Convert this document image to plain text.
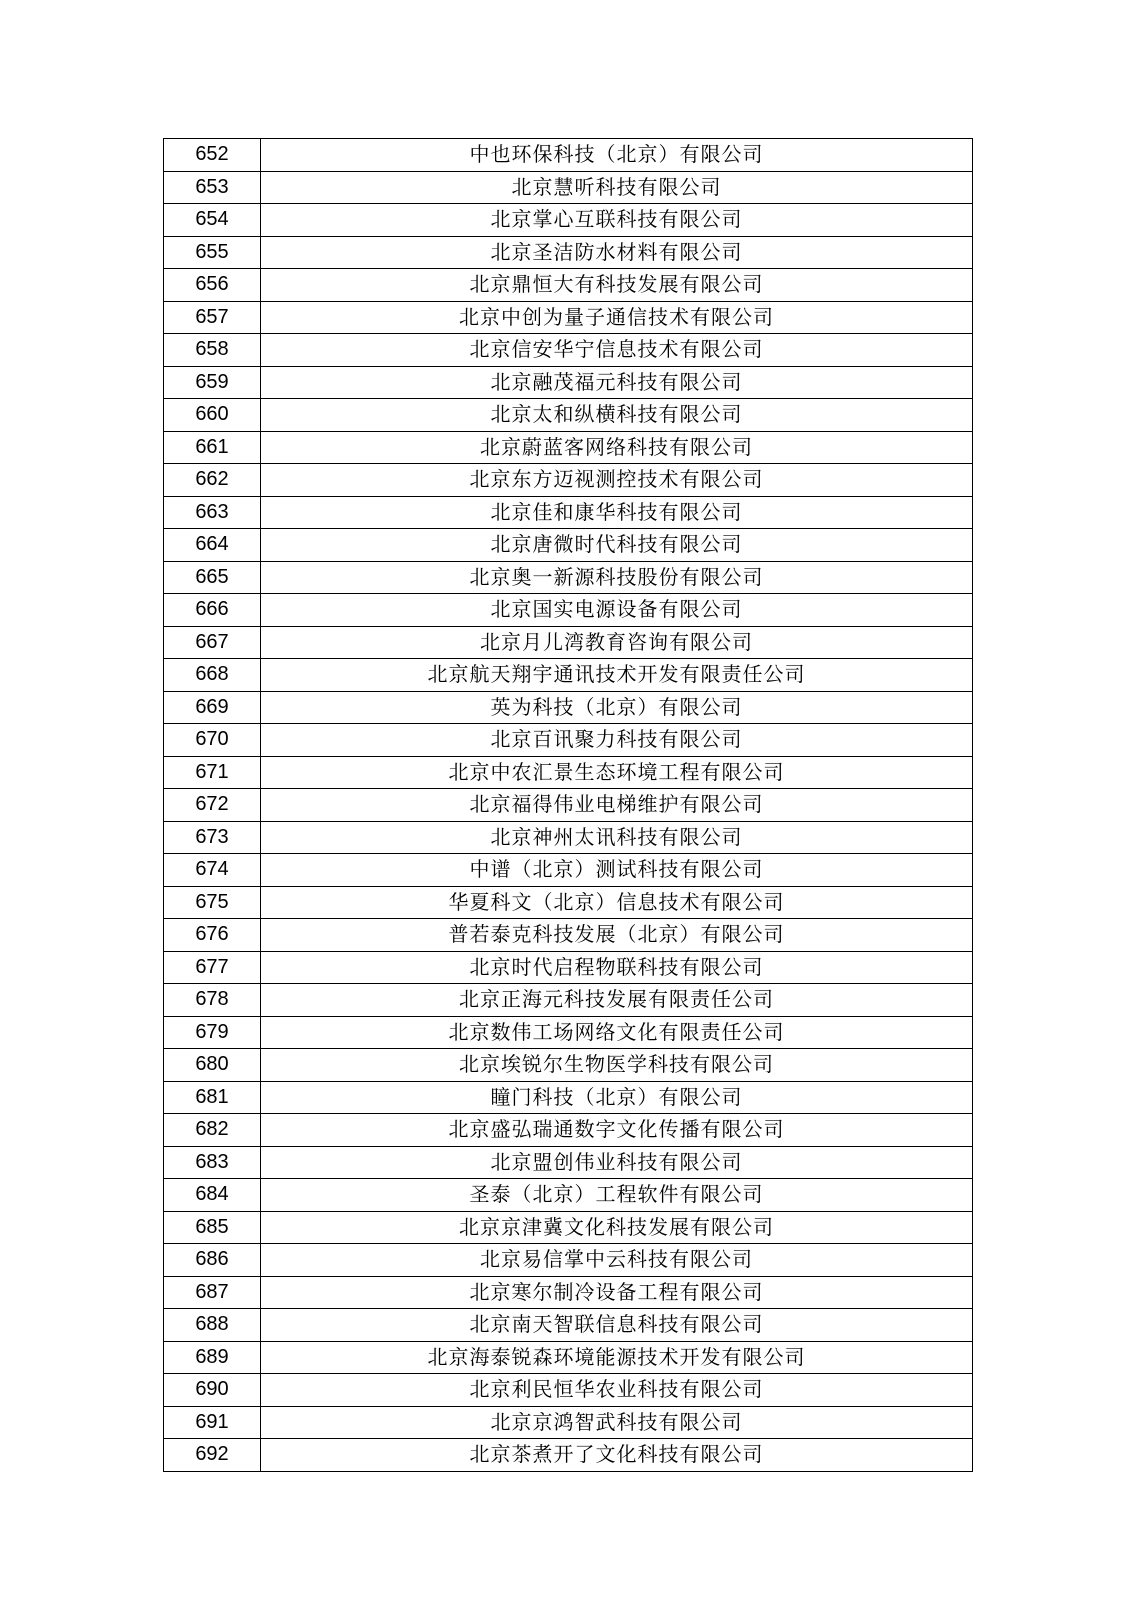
652	中也环保科技（北京）有限公司
653	北京慧听科技有限公司
654	北京掌心互联科技有限公司
655	北京圣洁防水材料有限公司
656	北京鼎恒大有科技发展有限公司
657	北京中创为量子通信技术有限公司
658	北京信安华宁信息技术有限公司
659	北京融茂福元科技有限公司
660	北京太和纵横科技有限公司
661	北京蔚蓝客网络科技有限公司
662	北京东方迈视测控技术有限公司
663	北京佳和康华科技有限公司
664	北京唐微时代科技有限公司
665	北京奥一新源科技股份有限公司
666	北京国实电源设备有限公司
667	北京月儿湾教育咨询有限公司
668	北京航天翔宇通讯技术开发有限责任公司
669	英为科技（北京）有限公司
670	北京百讯聚力科技有限公司
671	北京中农汇景生态环境工程有限公司
672	北京福得伟业电梯维护有限公司
673	北京神州太讯科技有限公司
674	中谱（北京）测试科技有限公司
675	华夏科文（北京）信息技术有限公司
676	普若泰克科技发展（北京）有限公司
677	北京时代启程物联科技有限公司
678	北京正海元科技发展有限责任公司
679	北京数伟工场网络文化有限责任公司
680	北京埃锐尔生物医学科技有限公司
681	瞳门科技（北京）有限公司
682	北京盛弘瑞通数字文化传播有限公司
683	北京盟创伟业科技有限公司
684	圣泰（北京）工程软件有限公司
685	北京京津冀文化科技发展有限公司
686	北京易信掌中云科技有限公司
687	北京寒尔制冷设备工程有限公司
688	北京南天智联信息科技有限公司
689	北京海泰锐森环境能源技术开发有限公司
690	北京利民恒华农业科技有限公司
691	北京京鸿智武科技有限公司
692	北京茶煮开了文化科技有限公司
